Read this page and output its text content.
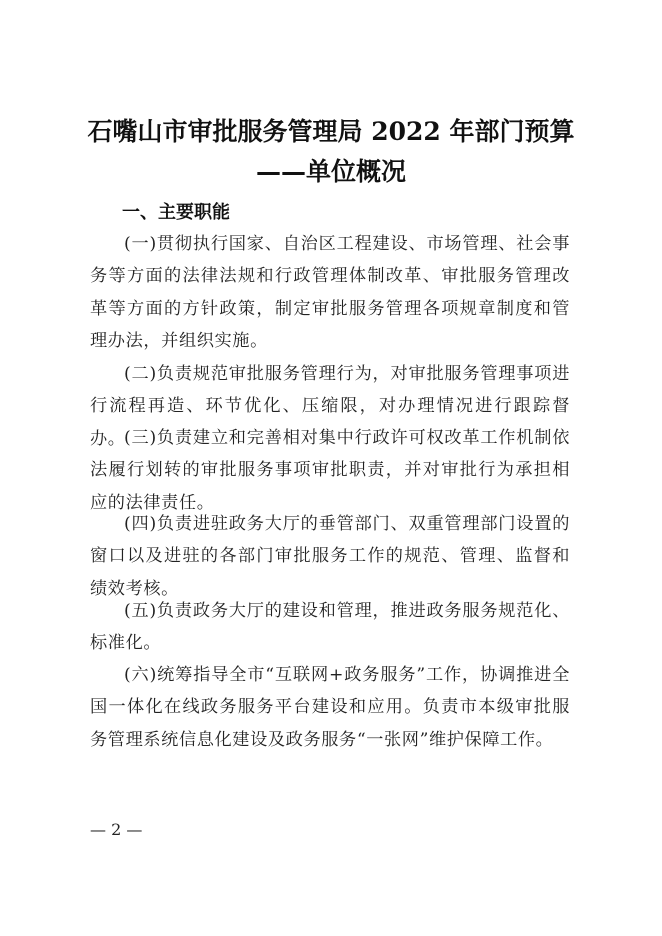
石嘴山市审批服务管理局 2022 年部门预算
——单位概况
一、主要职能
(一)贯彻执行国家、自治区工程建设、市场管理、社会事务等方面的法律法规和行政管理体制改革、审批服务管理改革等方面的方针政策，制定审批服务管理各项规章制度和管理办法，并组织实施。
(二)负责规范审批服务管理行为，对审批服务管理事项进行流程再造、环节优化、压缩限，对办理情况进行跟踪督办。
(三)负责建立和完善相对集中行政许可权改革工作机制依法履行划转的审批服务事项审批职责，并对审批行为承担相应的法律责任。
(四)负责进驻政务大厅的垂管部门、双重管理部门设置的窗口以及进驻的各部门审批服务工作的规范、管理、监督和绩效考核。
(五)负责政务大厅的建设和管理，推进政务服务规范化、标准化。
(六)统筹指导全市“互联网+政务服务”工作，协调推进全国一体化在线政务服务平台建设和应用。负责市本级审批服务管理系统信息化建设及政务服务“一张网”维护保障工作。
— 2 —
